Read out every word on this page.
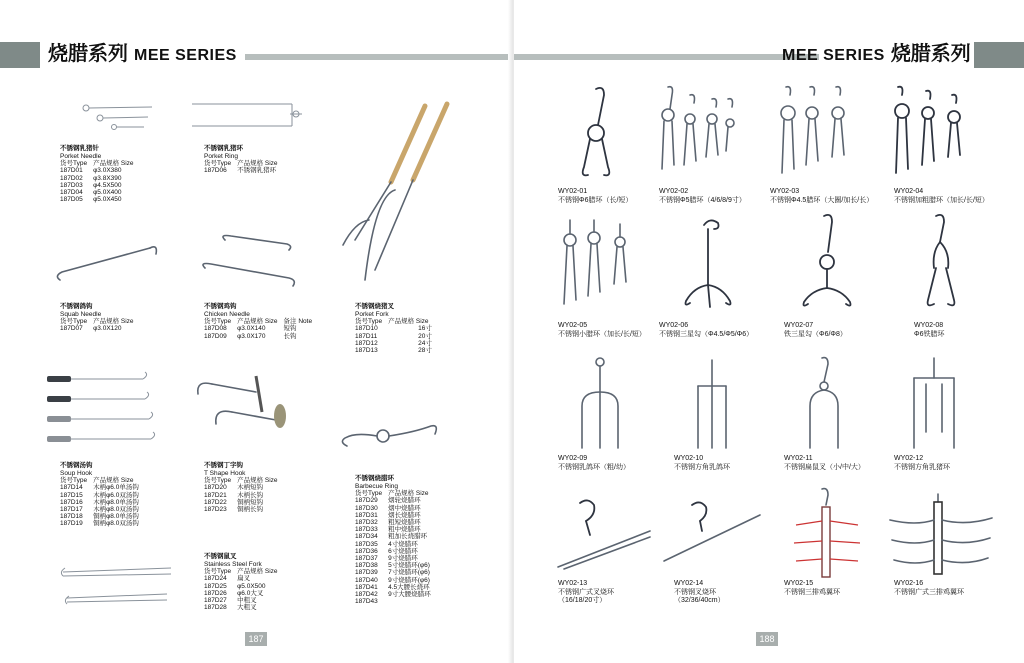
烧腊系列 MEE SERIES
不锈钢乳猪针
Porket Needle
货号Type	产品规格 Size
187D01	φ3.0X380
187D02	φ3.8X390
187D03	φ4.5X500
187D04	φ5.0X400
187D05	φ5.0X450
不锈钢乳猪环
Porket Ring
货号Type	产品规格 Size
187D06	不锈钢乳猪环
不锈钢烧猪叉
Porket Fork
货号Type	产品规格 Size
187D10	16寸
187D11	20寸
187D12	24寸
187D13	28寸
不锈钢鸽钩
Squab Needle
货号Type	产品规格 Size
187D07	φ3.0X120
不锈钢鸡钩
Chicken Needle
货号Type	产品规格 Size	备注 Note
187D08	φ3.0X140	短钩
187D09	φ3.0X170	长钩
不锈钢汤钩
Soup Hook
货号Type	产品规格 Size
187D14	木柄φ6.0单汤钩
187D15	木柄φ6.0双汤钩
187D16	木柄φ8.0单汤钩
187D17	木柄φ8.0双汤钩
187D18	铜柄φ8.0单汤钩
187D19	铜柄φ8.0双汤钩
不锈钢丁字钩
T Shape Hook
货号Type	产品规格 Size
187D20	木柄短钩
187D21	木柄长钩
187D22	铜柄短钩
187D23	铜柄长钩
不锈钢烧腊环
Barbecue Ring
货号Type	产品规格 Size
187D29	烟轮烧腊环
187D30	烟中烧腊环
187D31	烟长烧腊环
187D32	粗短烧腊环
187D33	粗中烧腊环
187D34	粗加长烧腊环
187D35	4寸烧腊环
187D36	6寸烧腊环
187D37	9寸烧腊环
187D38	5寸烧腊环(φ6)
187D39	7寸烧腊环(φ6)
187D40	9寸烧腊环(φ6)
187D41	4.5大腰长烧环
187D42	9寸大腰烧腊环
187D43	
不锈钢鼠叉
Stainless Steel Fork
货号Type	产品规格 Size
187D24	扁叉
187D25	φ5.0X500
187D26	φ6.0大叉
187D27	中粗叉
187D28	大粗叉
187
MEE SERIES 烧腊系列
WY02-01
不锈钢Φ6腊环（长/短）
WY02-02
不锈钢Φ5腊环（4/6/8/9寸）
WY02-03
不锈钢Φ4.5腊环（大圈/加长/长）
WY02-04
不锈钢加粗腊环（加长/长/短）
WY02-05
不锈钢小腊环（加长/长/短）
WY02-06
不锈钢三星勾（Φ4.5/Φ5/Φ6）
WY02-07
铁三星勾（Φ6/Φ8）
WY02-08
Φ6铁腊环
WY02-09
不锈钢乳鸽环（粗/幼）
WY02-10
不锈钢方角乳鸽环
WY02-11
不锈钢扁鼠叉（小/中/大）
WY02-12
不锈钢方角乳猪环
WY02-13
不锈钢广式叉烧环
（16/18/20寸）
WY02-14
不锈钢叉烧环
（32/36/40cm）
WY02-15
不锈钢三排鸡翼环
WY02-16
不锈钢广式三排鸡翼环
188
